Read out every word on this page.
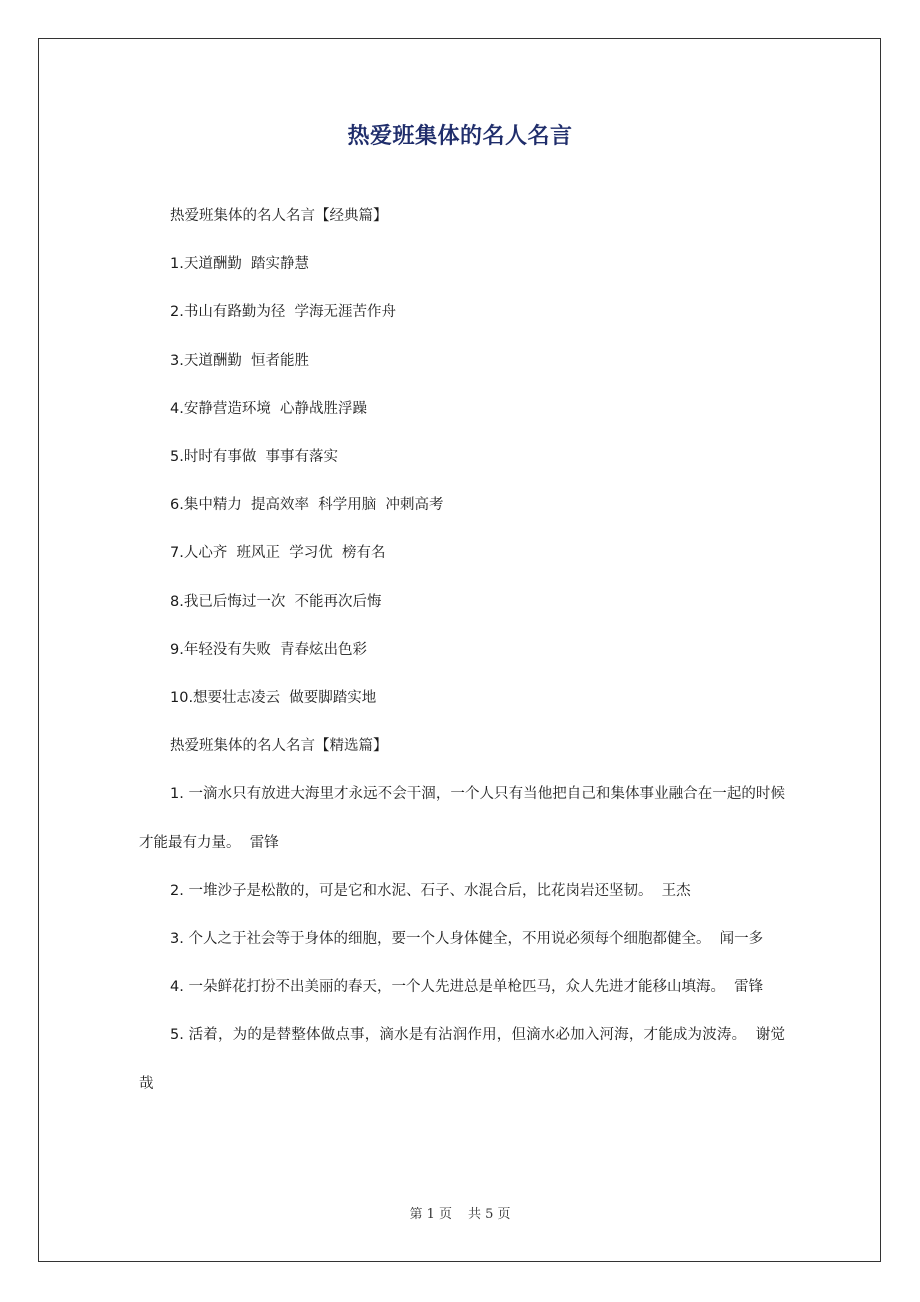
热爱班集体的名人名言

热爱班集体的名人名言【经典篇】

1.天道酬勤  踏实静慧

2.书山有路勤为径  学海无涯苦作舟

3.天道酬勤  恒者能胜

4.安静营造环境  心静战胜浮躁

5.时时有事做  事事有落实

6.集中精力  提高效率  科学用脑  冲刺高考

7.人心齐  班风正  学习优  榜有名

8.我已后悔过一次  不能再次后悔

9.年轻没有失败  青春炫出色彩

10.想要壮志凌云  做要脚踏实地

热爱班集体的名人名言【精选篇】

1. 一滴水只有放进大海里才永远不会干涸，一个人只有当他把自己和集体事业融合在一起的时候才能最有力量。  雷锋

2. 一堆沙子是松散的，可是它和水泥、石子、水混合后，比花岗岩还坚韧。  王杰

3. 个人之于社会等于身体的细胞，要一个人身体健全，不用说必须每个细胞都健全。  闻一多

4. 一朵鲜花打扮不出美丽的春天，一个人先进总是单枪匹马，众人先进才能移山填海。  雷锋

5. 活着，为的是替整体做点事，滴水是有沾润作用，但滴水必加入河海，才能成为波涛。  谢觉哉

第 1 页 共 5 页
